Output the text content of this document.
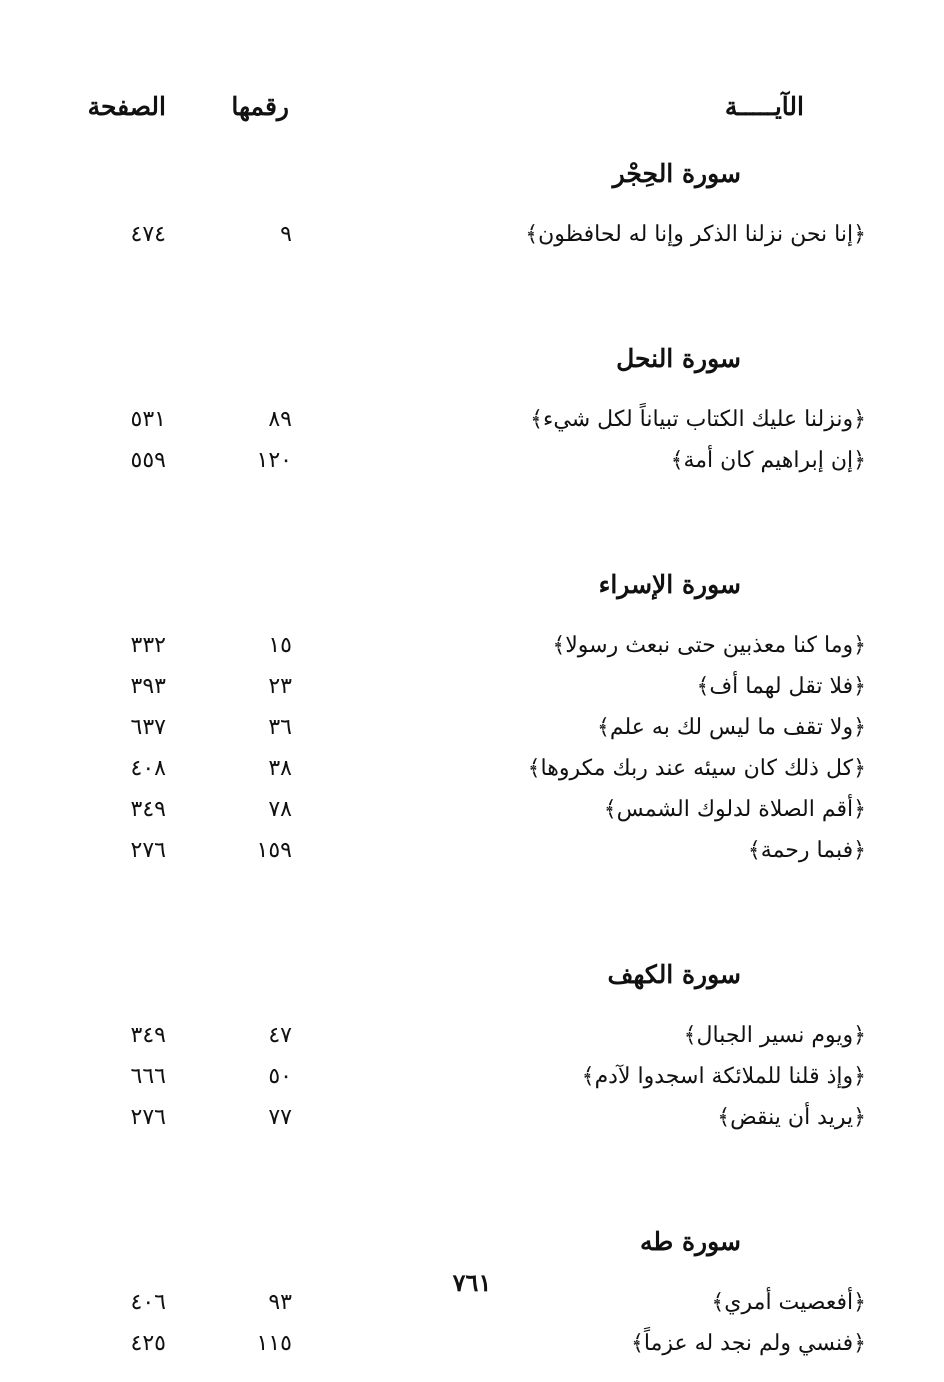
الآيـــــة
رقمها
الصفحة
سورة الحِجْر
﴿إنا نحن نزلنا الذكر وإنا له لحافظون﴾
٩
٤٧٤
سورة النحل
﴿ونزلنا عليك الكتاب تبياناً لكل شيء﴾
٨٩
٥٣١
﴿إن إبراهيم كان أمة﴾
١٢٠
٥٥٩
سورة الإسراء
﴿وما كنا معذبين حتى نبعث رسولا﴾
١٥
٣٣٢
﴿فلا تقل لهما أف﴾
٢٣
٣٩٣
﴿ولا تقف ما ليس لك به علم﴾
٣٦
٦٣٧
﴿كل ذلك كان سيئه عند ربك مكروها﴾
٣٨
٤٠٨
﴿أقم الصلاة لدلوك الشمس﴾
٧٨
٣٤٩
﴿فبما رحمة﴾
١٥٩
٢٧٦
سورة الكهف
﴿ويوم نسير الجبال﴾
٤٧
٣٤٩
﴿وإذ قلنا للملائكة اسجدوا لآدم﴾
٥٠
٦٦٦
﴿يريد أن ينقض﴾
٧٧
٢٧٦
سورة طه
﴿أفعصيت أمري﴾
٩٣
٤٠٦
﴿فنسي ولم نجد له عزماً﴾
١١٥
٤٢٥
٧٦١
